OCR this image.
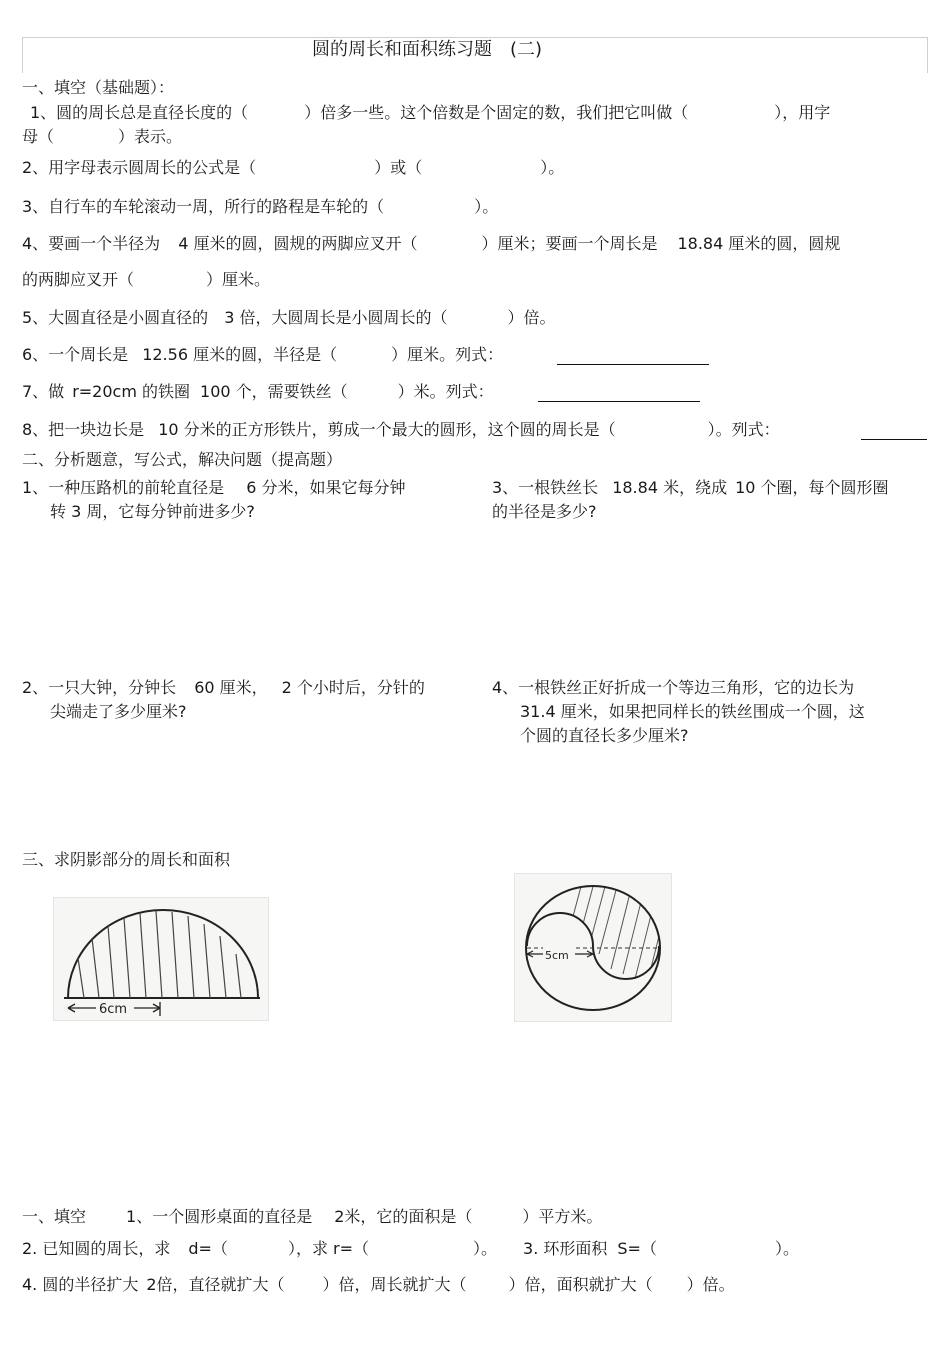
圆的周长和面积练习题　(二)
一、填空（基础题）：
1、圆的周长总是直径长度的（	）倍多一些。这个倍数是个固定的数，我们把它叫做（	），用字
母（	）表示。
2、用字母表示圆周长的公式是（	）或（	）。
3、自行车的车轮滚动一周，所行的路程是车轮的（	）。
4、要画一个半径为 4 厘米的圆，圆规的两脚应叉开（	）厘米；要画一个周长是 18.84 厘米的圆，圆规
的两脚应叉开（	）厘米。
5、大圆直径是小圆直径的 3 倍，大圆周长是小圆周长的（	）倍。
6、一个周长是 12.56 厘米的圆，半径是（	）厘米。列式：
7、做 r=20cm 的铁圈 100 个，需要铁丝（	）米。列式：
8、把一块边长是 10 分米的正方形铁片，剪成一个最大的圆形，这个圆的周长是（	）。列式：
二、分析题意，写公式，解决问题（提高题）
1、一种压路机的前轮直径是 6 分米，如果它每分钟
转 3 周，它每分钟前进多少?
3、一根铁丝长 18.84 米，绕成 10 个圈，每个圆形圈
的半径是多少?
2、一只大钟，分钟长 60 厘米， 2 个小时后，分针的
尖端走了多少厘米?
4、一根铁丝正好折成一个等边三角形，它的边长为
31.4 厘米，如果把同样长的铁丝围成一个圆，这
个圆的直径长多少厘米?
三、求阴影部分的周长和面积
6cm
5cm
一、填空	1、一个圆形桌面的直径是 2米，它的面积是（	）平方米。
2. 已知圆的周长，求 d=（	），求 r=（	）。 3. 环形面积 S=（	）。
4. 圆的半径扩大 2倍，直径就扩大（ ）倍，周长就扩大（	）倍，面积就扩大（ ）倍。
